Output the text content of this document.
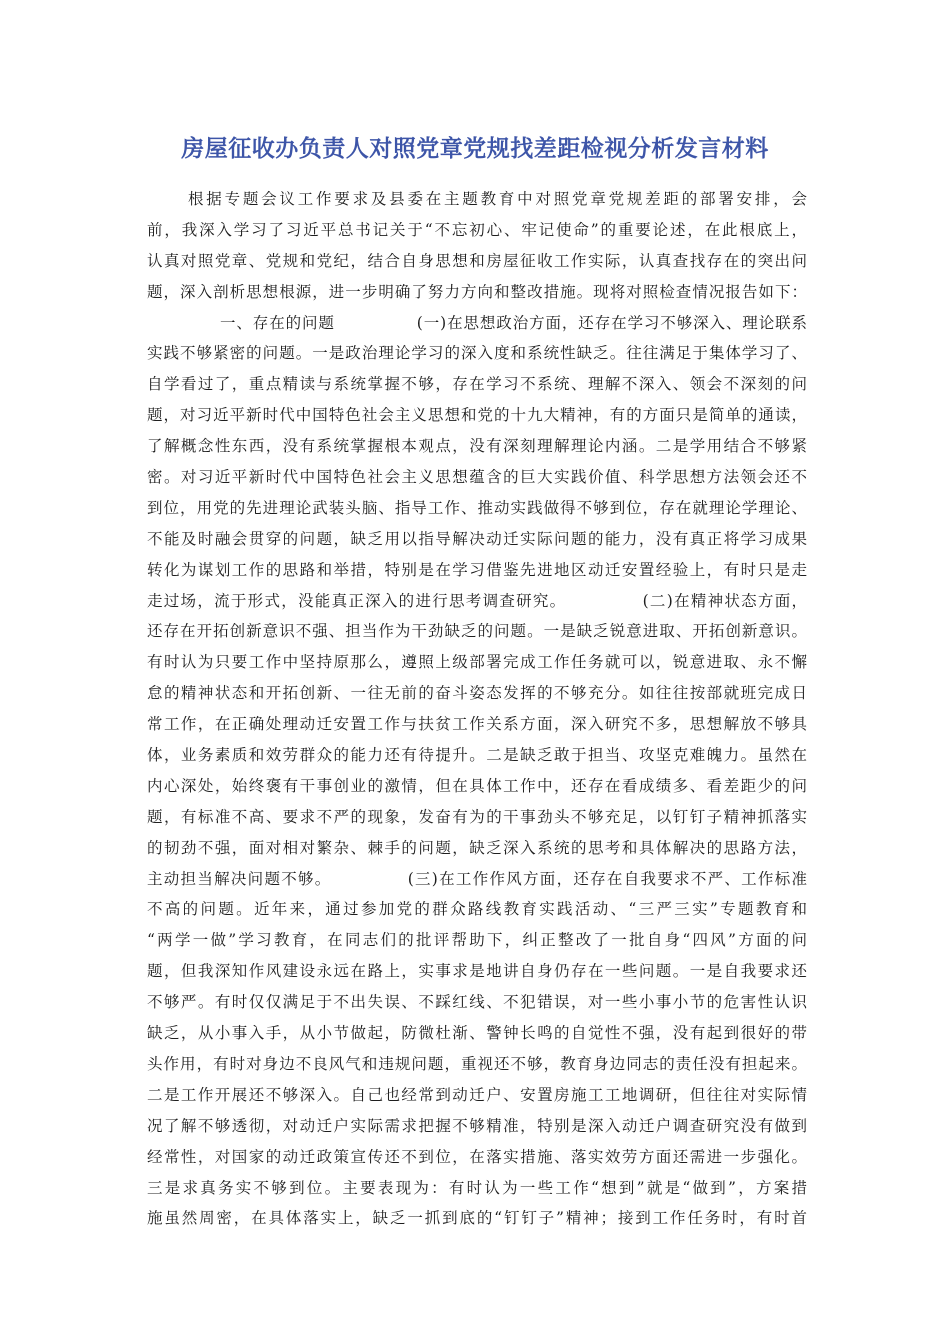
房屋征收办负责人对照党章党规找差距检视分析发言材料
根据专题会议工作要求及县委在主题教育中对照党章党规差距的部署安排，会
前，我深入学习了习近平总书记关于“不忘初心、牢记使命”的重要论述，在此根底上，
认真对照党章、党规和党纪，结合自身思想和房屋征收工作实际，认真查找存在的突出问
题，深入剖析思想根源，进一步明确了努力方向和整改措施。现将对照检查情况报告如下：
一、存在的问题　　　　　(一)在思想政治方面，还存在学习不够深入、理论联系
实践不够紧密的问题。一是政治理论学习的深入度和系统性缺乏。往往满足于集体学习了、
自学看过了，重点精读与系统掌握不够，存在学习不系统、理解不深入、领会不深刻的问
题，对习近平新时代中国特色社会主义思想和党的十九大精神，有的方面只是简单的通读，
了解概念性东西，没有系统掌握根本观点，没有深刻理解理论内涵。二是学用结合不够紧
密。对习近平新时代中国特色社会主义思想蕴含的巨大实践价值、科学思想方法领会还不
到位，用党的先进理论武装头脑、指导工作、推动实践做得不够到位，存在就理论学理论、
不能及时融会贯穿的问题，缺乏用以指导解决动迁实际问题的能力，没有真正将学习成果
转化为谋划工作的思路和举措，特别是在学习借鉴先进地区动迁安置经验上，有时只是走
走过场，流于形式，没能真正深入的进行思考调查研究。　　　　　(二)在精神状态方面，
还存在开拓创新意识不强、担当作为干劲缺乏的问题。一是缺乏锐意进取、开拓创新意识。
有时认为只要工作中坚持原那么，遵照上级部署完成工作任务就可以，锐意进取、永不懈
怠的精神状态和开拓创新、一往无前的奋斗姿态发挥的不够充分。如往往按部就班完成日
常工作，在正确处理动迁安置工作与扶贫工作关系方面，深入研究不多，思想解放不够具
体，业务素质和效劳群众的能力还有待提升。二是缺乏敢于担当、攻坚克难魄力。虽然在
内心深处，始终褒有干事创业的激情，但在具体工作中，还存在看成绩多、看差距少的问
题，有标准不高、要求不严的现象，发奋有为的干事劲头不够充足，以钉钉子精神抓落实
的韧劲不强，面对相对繁杂、棘手的问题，缺乏深入系统的思考和具体解决的思路方法，
主动担当解决问题不够。　　　　　(三)在工作作风方面，还存在自我要求不严、工作标准
不高的问题。近年来，通过参加党的群众路线教育实践活动、“三严三实”专题教育和
“两学一做”学习教育，在同志们的批评帮助下，纠正整改了一批自身“四风”方面的问
题，但我深知作风建设永远在路上，实事求是地讲自身仍存在一些问题。一是自我要求还
不够严。有时仅仅满足于不出失误、不踩红线、不犯错误，对一些小事小节的危害性认识
缺乏，从小事入手，从小节做起，防微杜渐、警钟长鸣的自觉性不强，没有起到很好的带
头作用，有时对身边不良风气和违规问题，重视还不够，教育身边同志的责任没有担起来。
二是工作开展还不够深入。自己也经常到动迁户、安置房施工工地调研，但往往对实际情
况了解不够透彻，对动迁户实际需求把握不够精准，特别是深入动迁户调查研究没有做到
经常性，对国家的动迁政策宣传还不到位，在落实措施、落实效劳方面还需进一步强化。
三是求真务实不够到位。主要表现为：有时认为一些工作“想到”就是“做到”，方案措
施虽然周密，在具体落实上，缺乏一抓到底的“钉钉子”精神；接到工作任务时，有时首
